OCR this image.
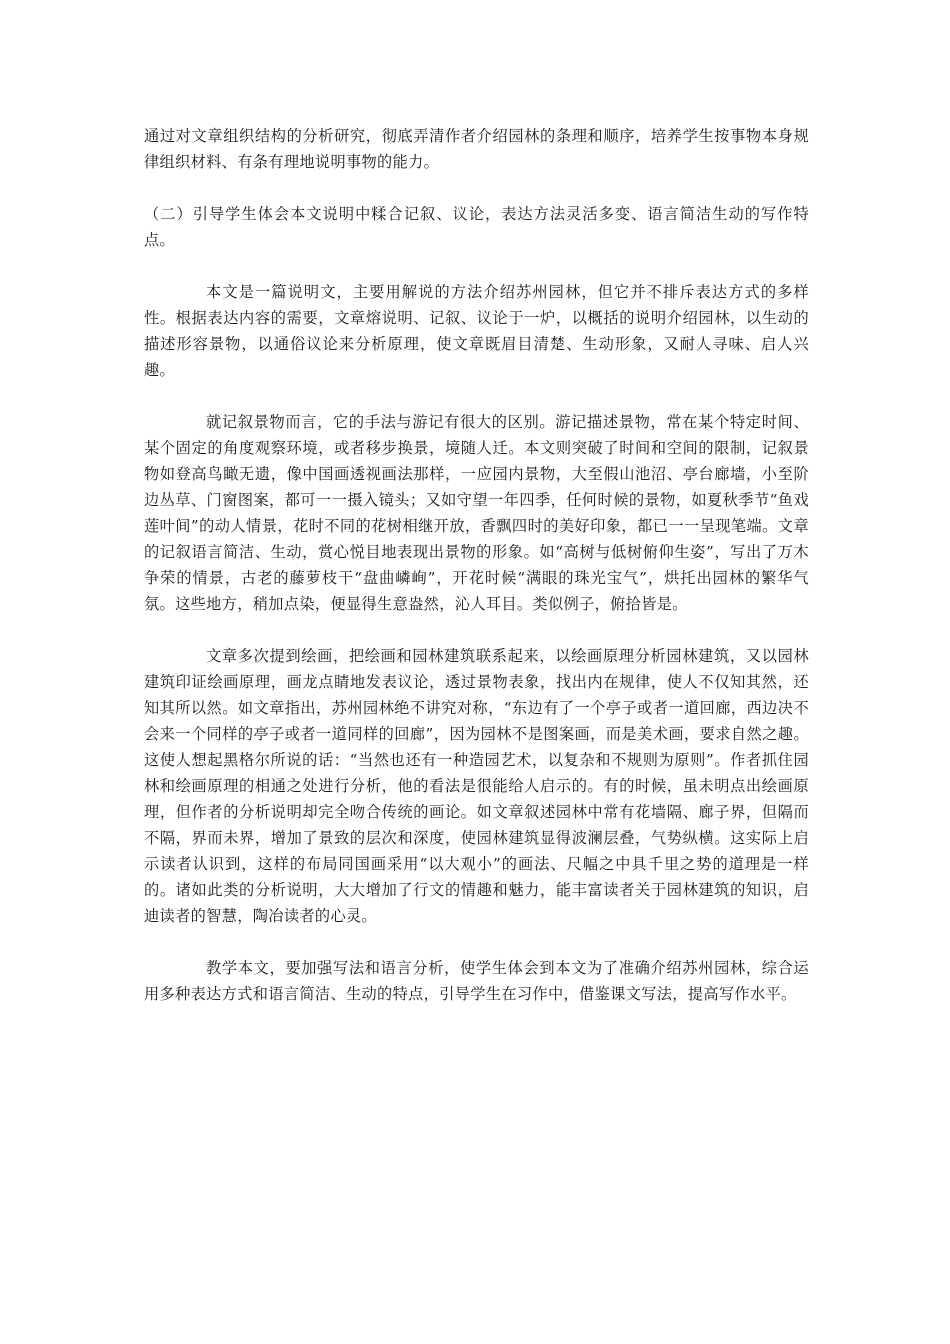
通过对文章组织结构的分析研究，彻底弄清作者介绍园林的条理和顺序，培养学生按事物本身规律组织材料、有条有理地说明事物的能力。

（二）引导学生体会本文说明中糅合记叙、议论，表达方法灵活多变、语言简洁生动的写作特点。

本文是一篇说明文，主要用解说的方法介绍苏州园林，但它并不排斥表达方式的多样性。根据表达内容的需要，文章熔说明、记叙、议论于一炉，以概括的说明介绍园林，以生动的描述形容景物，以通俗议论来分析原理，使文章既眉目清楚、生动形象，又耐人寻味、启人兴趣。

就记叙景物而言，它的手法与游记有很大的区别。游记描述景物，常在某个特定时间、某个固定的角度观察环境，或者移步换景，境随人迁。本文则突破了时间和空间的限制，记叙景物如登高鸟瞰无遗，像中国画透视画法那样，一应园内景物，大至假山池沼、亭台廊墙，小至阶边丛草、门窗图案，都可一一摄入镜头；又如守望一年四季，任何时候的景物，如夏秋季节“鱼戏莲叶间”的动人情景，花时不同的花树相继开放，香飘四时的美好印象，都已一一呈现笔端。文章的记叙语言简洁、生动，赏心悦目地表现出景物的形象。如“高树与低树俯仰生姿”，写出了万木争荣的情景，古老的藤萝枝干“盘曲嶙峋”，开花时候“满眼的珠光宝气”，烘托出园林的繁华气氛。这些地方，稍加点染，便显得生意盎然，沁人耳目。类似例子，俯拾皆是。

文章多次提到绘画，把绘画和园林建筑联系起来，以绘画原理分析园林建筑，又以园林建筑印证绘画原理，画龙点睛地发表议论，透过景物表象，找出内在规律，使人不仅知其然，还知其所以然。如文章指出，苏州园林绝不讲究对称，“东边有了一个亭子或者一道回廊，西边决不会来一个同样的亭子或者一道同样的回廊”，因为园林不是图案画，而是美术画，要求自然之趣。这使人想起黑格尔所说的话：“当然也还有一种造园艺术，以复杂和不规则为原则”。作者抓住园林和绘画原理的相通之处进行分析，他的看法是很能给人启示的。有的时候，虽未明点出绘画原理，但作者的分析说明却完全吻合传统的画论。如文章叙述园林中常有花墙隔、廊子界，但隔而不隔，界而未界，增加了景致的层次和深度，使园林建筑显得波澜层叠，气势纵横。这实际上启示读者认识到，这样的布局同国画采用“以大观小”的画法、尺幅之中具千里之势的道理是一样的。诸如此类的分析说明，大大增加了行文的情趣和魅力，能丰富读者关于园林建筑的知识，启迪读者的智慧，陶冶读者的心灵。

教学本文，要加强写法和语言分析，使学生体会到本文为了准确介绍苏州园林，综合运用多种表达方式和语言简洁、生动的特点，引导学生在习作中，借鉴课文写法，提高写作水平。
